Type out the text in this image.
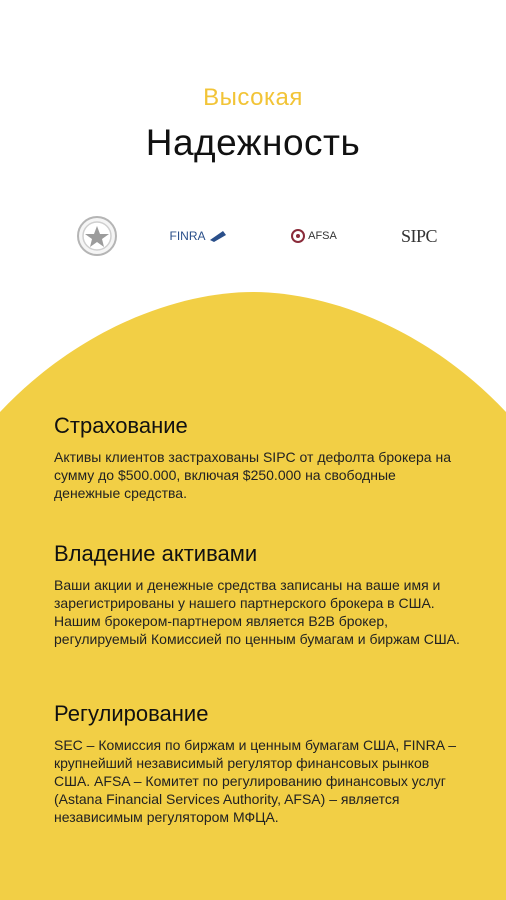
Высокая
Надежность
FINRA	AFSA	SIPC
Страхование

Активы клиентов застрахованы SIPC от дефолта брокера на сумму до $500.000, включая $250.000 на свободные денежные средства.

Владение активами

Ваши акции и денежные средства записаны на ваше имя и зарегистрированы у нашего партнерского брокера в США. Нашим брокером-партнером является B2B брокер, регулируемый Комиссией по ценным бумагам и биржам США.

Регулирование

SEC – Комиссия по биржам и ценным бумагам США, FINRA – крупнейший независимый регулятор финансовых рынков США. AFSA – Комитет по регулированию финансовых услуг (Astana Financial Services Authority, AFSA) – является независимым регулятором МФЦА.
